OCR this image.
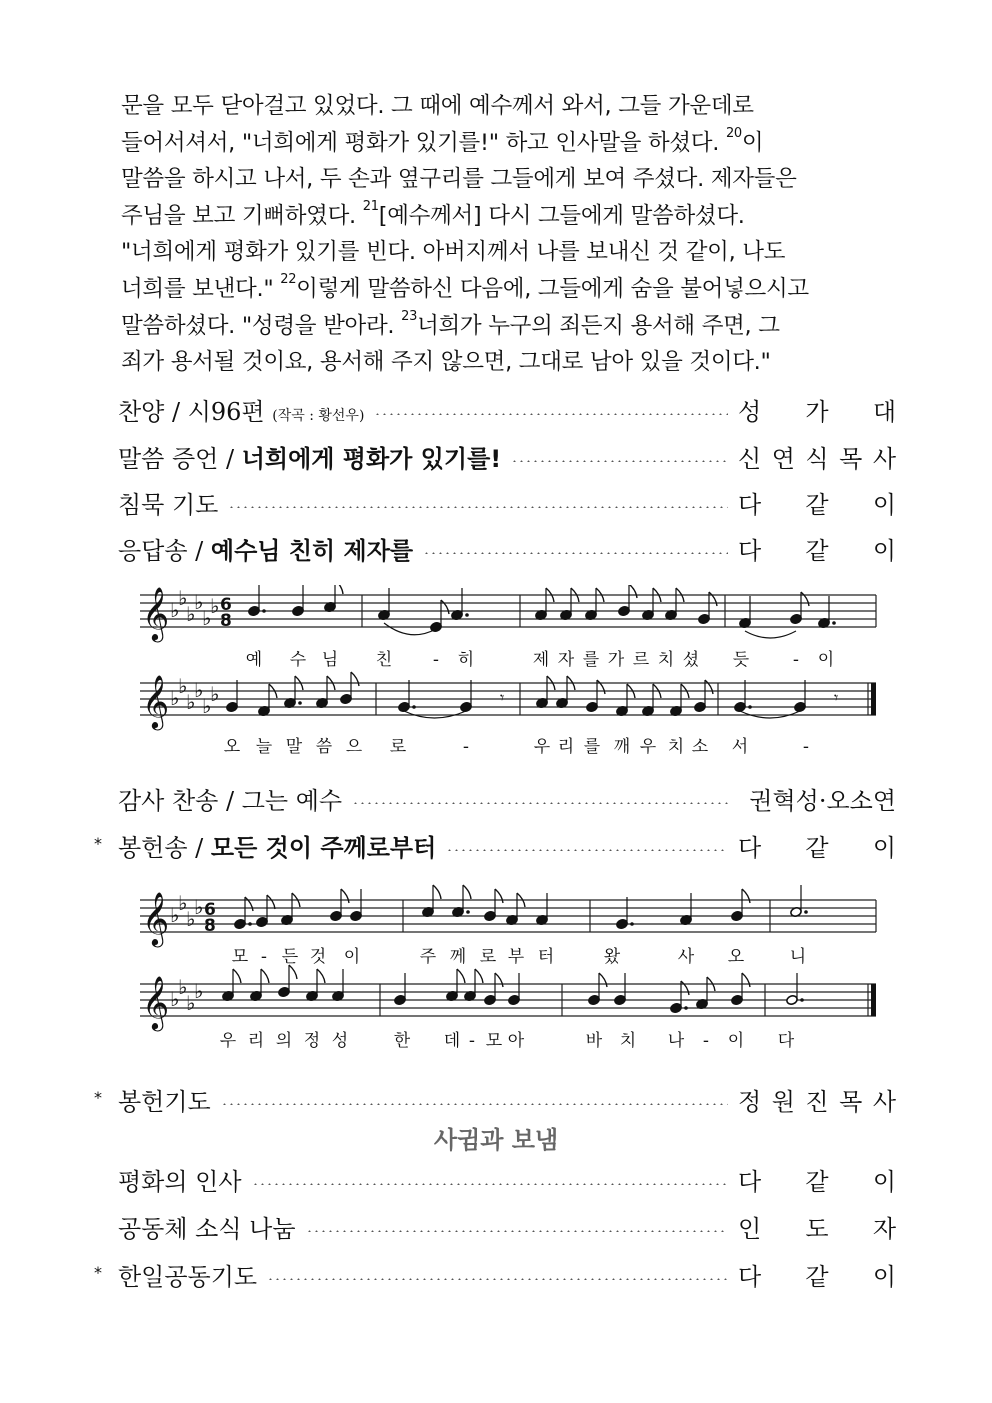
문을 모두 닫아걸고 있었다. 그 때에 예수께서 와서, 그들 가운데로
들어서셔서, "너희에게 평화가 있기를!" 하고 인사말을 하셨다. $^{20}$이
말씀을 하시고 나서, 두 손과 옆구리를 그들에게 보여 주셨다. 제자들은
주님을 보고 기뻐하였다. $^{21}$[예수께서] 다시 그들에게 말씀하셨다.
"너희에게 평화가 있기를 빈다. 아버지께서 나를 보내신 것 같이, 나도
너희를 보낸다." $^{22}$이렇게 말씀하신 다음에, 그들에게 숨을 불어넣으시고
말씀하셨다. "성령을 받아라. $^{23}$너희가 누구의 죄든지 용서해 주면, 그
죄가 용서될 것이요, 용서해 주지 않으면, 그대로 남아 있을 것이다."
찬양 / 시96편 (작곡 : 황선우)	성 가 대
말씀 증언 / 너희에게 평화가 있기를!	신 연 식 목 사
침묵 기도	다 같 이
응답송 / 예수님 친히 제자를	다 같 이
𝄞 ♭
♭
♭
♭
♭
♭ 6
8
예 수 님 친 - 히	제 자 를 가 르 치 셨 듯	- 이
𝄞 ♭
♭
♭
♭
♭
♭	𝄾	𝄾
오 늘 말 씀 으 로	-	우 리 를 깨 우 치 소 서	-
감사 찬송 / 그는 예수	권혁성·오소연
* 봉헌송 / 모든 것이 주께로부터	다 같 이
𝄞 ♭
♭
♭
♭ 6
8
모 - 든 것 이	주 께 로 부 터	왔	사 오	니
𝄞 ♭
♭
♭
♭
우 리 의 정 성	한 데 - 모 아	바 치 나 - 이 다
* 봉헌기도	정 원 진 목 사
사귐과 보냄
평화의 인사	다 같 이
공동체 소식 나눔	인 도 자
* 한일공동기도	다 같 이
